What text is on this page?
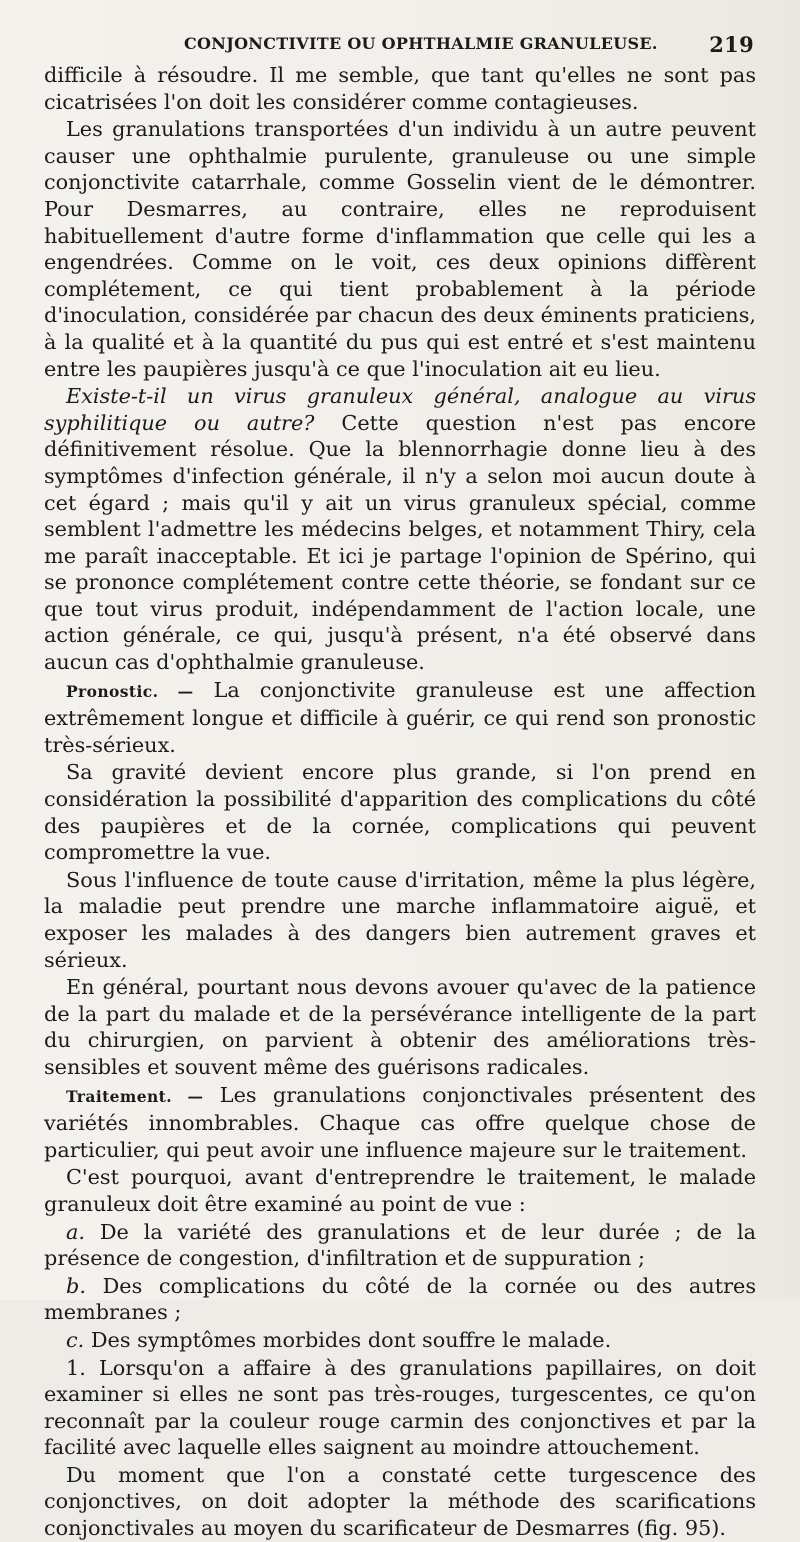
CONJONCTIVITE OU OPHTHALMIE GRANULEUSE. 219

difficile à résoudre. Il me semble, que tant qu'elles ne sont pas cicatrisées l'on doit les considérer comme contagieuses.

Les granulations transportées d'un individu à un autre peuvent causer une ophthalmie purulente, granuleuse ou une simple conjonctivite catarrhale, comme Gosselin vient de le démontrer. Pour Desmarres, au contraire, elles ne reproduisent habituellement d'autre forme d'inflammation que celle qui les a engendrées. Comme on le voit, ces deux opinions diffèrent complétement, ce qui tient probablement à la période d'inoculation, considérée par chacun des deux éminents praticiens, à la qualité et à la quantité du pus qui est entré et s'est maintenu entre les paupières jusqu'à ce que l'inoculation ait eu lieu.

Existe-t-il un virus granuleux général, analogue au virus syphilitique ou autre? Cette question n'est pas encore définitivement résolue. Que la blennorrhagie donne lieu à des symptômes d'infection générale, il n'y a selon moi aucun doute à cet égard ; mais qu'il y ait un virus granuleux spécial, comme semblent l'admettre les médecins belges, et notamment Thiry, cela me paraît inacceptable. Et ici je partage l'opinion de Spérino, qui se prononce complétement contre cette théorie, se fondant sur ce que tout virus produit, indépendamment de l'action locale, une action générale, ce qui, jusqu'à présent, n'a été observé dans aucun cas d'ophthalmie granuleuse.

Pronostic. — La conjonctivite granuleuse est une affection extrêmement longue et difficile à guérir, ce qui rend son pronostic très-sérieux.

Sa gravité devient encore plus grande, si l'on prend en considération la possibilité d'apparition des complications du côté des paupières et de la cornée, complications qui peuvent compromettre la vue.

Sous l'influence de toute cause d'irritation, même la plus légère, la maladie peut prendre une marche inflammatoire aiguë, et exposer les malades à des dangers bien autrement graves et sérieux.

En général, pourtant nous devons avouer qu'avec de la patience de la part du malade et de la persévérance intelligente de la part du chirurgien, on parvient à obtenir des améliorations très-sensibles et souvent même des guérisons radicales.

Traitement. — Les granulations conjonctivales présentent des variétés innombrables. Chaque cas offre quelque chose de particulier, qui peut avoir une influence majeure sur le traitement.

C'est pourquoi, avant d'entreprendre le traitement, le malade granuleux doit être examiné au point de vue :

a. De la variété des granulations et de leur durée ; de la présence de congestion, d'infiltration et de suppuration ;

b. Des complications du côté de la cornée ou des autres membranes ;

c. Des symptômes morbides dont souffre le malade.

1. Lorsqu'on a affaire à des granulations papillaires, on doit examiner si elles ne sont pas très-rouges, turgescentes, ce qu'on reconnaît par la couleur rouge carmin des conjonctives et par la facilité avec laquelle elles saignent au moindre attouchement.

Du moment que l'on a constaté cette turgescence des conjonctives, on doit adopter la méthode des scarifications conjonctivales au moyen du scarificateur de Desmarres (fig. 95).
